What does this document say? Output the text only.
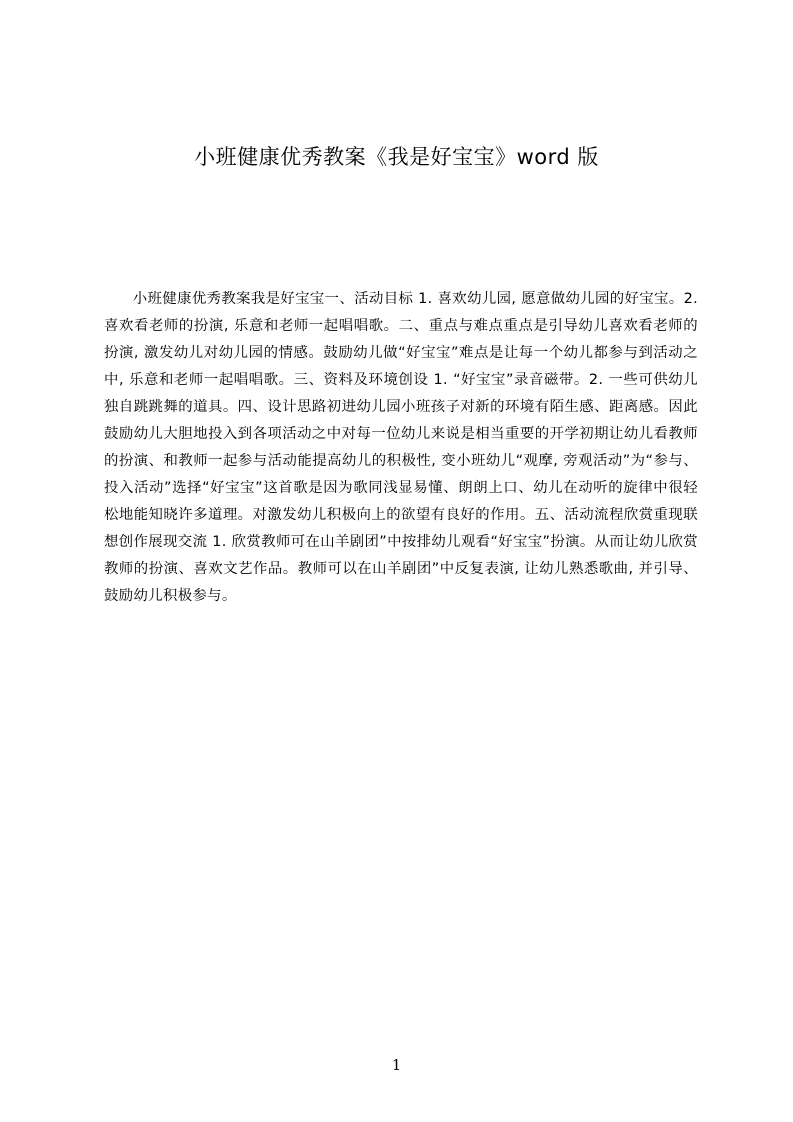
小班健康优秀教案《我是好宝宝》word 版

小班健康优秀教案我是好宝宝一、活动目标 1. 喜欢幼儿园, 愿意做幼儿园的好宝宝。2. 喜欢看老师的扮演, 乐意和老师一起唱唱歌。二、重点与难点重点是引导幼儿喜欢看老师的扮演, 激发幼儿对幼儿园的情感。鼓励幼儿做“好宝宝”难点是让每一个幼儿都参与到活动之中, 乐意和老师一起唱唱歌。三、资料及环境创设 1. “好宝宝”录音磁带。2. 一些可供幼儿独自跳跳舞的道具。四、设计思路初进幼儿园小班孩子对新的环境有陌生感、距离感。因此鼓励幼儿大胆地投入到各项活动之中对每一位幼儿来说是相当重要的开学初期让幼儿看教师的扮演、和教师一起参与活动能提高幼儿的积极性, 变小班幼儿“观摩, 旁观活动”为“参与、投入活动”选择“好宝宝”这首歌是因为歌同浅显易懂、朗朗上口、幼儿在动听的旋律中很轻松地能知晓许多道理。对激发幼儿积极向上的欲望有良好的作用。五、活动流程欣赏重现联想创作展现交流 1. 欣赏教师可在山羊剧团”中按排幼儿观看“好宝宝”扮演。从而让幼儿欣赏教师的扮演、喜欢文艺作品。教师可以在山羊剧团”中反复表演, 让幼儿熟悉歌曲, 并引导、鼓励幼儿积极参与。

1
